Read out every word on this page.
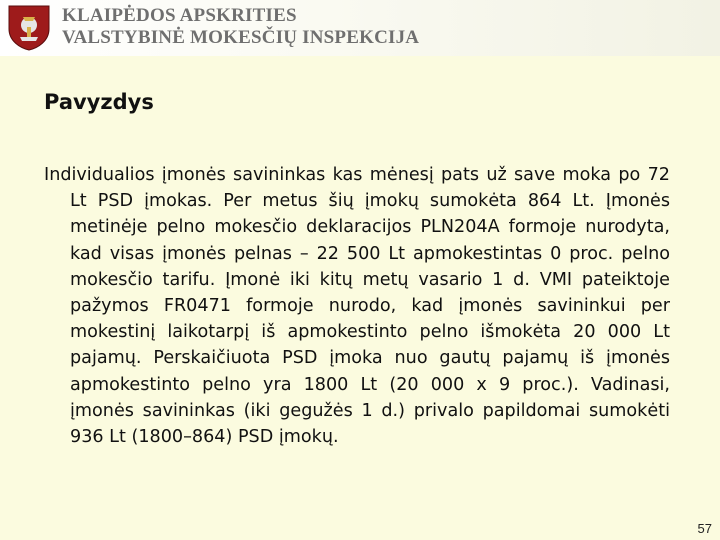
KLAIPĖDOS APSKRITIES
VALSTYBINĖ MOKESČIŲ INSPEKCIJA
Pavyzdys

Individualios įmonės savininkas kas mėnesį pats už save moka po 72 Lt PSD įmokas. Per metus šių įmokų sumokėta 864 Lt. Įmonės metinėje pelno mokesčio deklaracijos PLN204A formoje nurodyta, kad visas įmonės pelnas – 22 500 Lt apmokestintas 0 proc. pelno mokesčio tarifu. Įmonė iki kitų metų vasario 1 d. VMI pateiktoje pažymos FR0471 formoje nurodo, kad įmonės savininkui per mokestinį laikotarpį iš apmokestinto pelno išmokėta 20 000 Lt pajamų. Perskaičiuota PSD įmoka nuo gautų pajamų iš įmonės apmokestinto pelno yra 1800 Lt (20 000 x 9 proc.). Vadinasi, įmonės savininkas (iki gegužės 1 d.) privalo papildomai sumokėti 936 Lt (1800–864) PSD įmokų.

57
